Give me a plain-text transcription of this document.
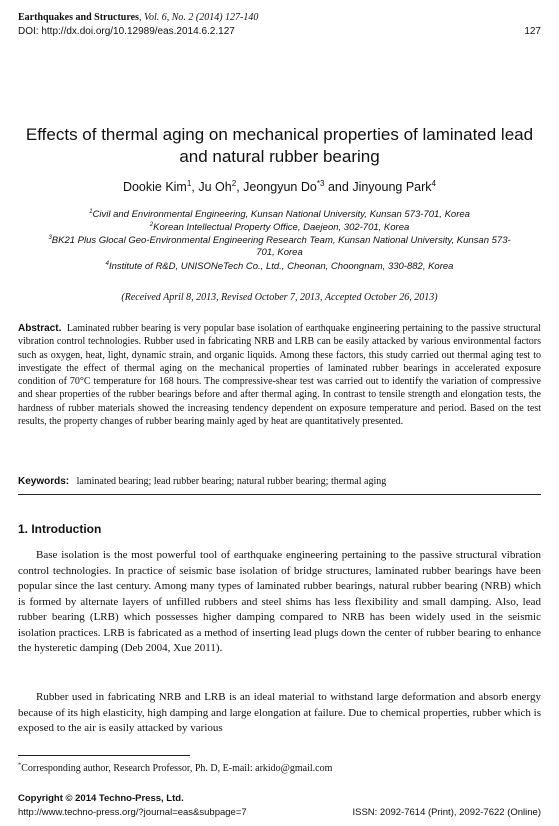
Earthquakes and Structures, Vol. 6, No. 2 (2014) 127-140
DOI: http://dx.doi.org/10.12989/eas.2014.6.2.127	127
Effects of thermal aging on mechanical properties of laminated lead and natural rubber bearing
Dookie Kim$^1$, Ju Oh$^2$, Jeongyun Do$^{*3}$ and Jinyoung Park$^4$
$^1$Civil and Environmental Engineering, Kunsan National University, Kunsan 573-701, Korea
$^2$Korean Intellectual Property Office, Daejeon, 302-701, Korea
$^3$BK21 Plus Glocal Geo-Environmental Engineering Research Team, Kunsan National University, Kunsan 573-701, Korea
$^4$Institute of R&D, UNISONeTech Co., Ltd., Cheonan, Choongnam, 330-882, Korea
(Received April 8, 2013, Revised October 7, 2013, Accepted October 26, 2013)
Abstract. Laminated rubber bearing is very popular base isolation of earthquake engineering pertaining to the passive structural vibration control technologies. Rubber used in fabricating NRB and LRB can be easily attacked by various environmental factors such as oxygen, heat, light, dynamic strain, and organic liquids. Among these factors, this study carried out thermal aging test to investigate the effect of thermal aging on the mechanical properties of laminated rubber bearings in accelerated exposure condition of 70°C temperature for 168 hours. The compressive-shear test was carried out to identify the variation of compressive and shear properties of the rubber bearings before and after thermal aging. In contrast to tensile strength and elongation tests, the hardness of rubber materials showed the increasing tendency dependent on exposure temperature and period. Based on the test results, the property changes of rubber bearing mainly aged by heat are quantitatively presented.
Keywords: laminated bearing; lead rubber bearing; natural rubber bearing; thermal aging
1. Introduction
Base isolation is the most powerful tool of earthquake engineering pertaining to the passive structural vibration control technologies. In practice of seismic base isolation of bridge structures, laminated rubber bearings have been popular since the last century. Among many types of laminated rubber bearings, natural rubber bearing (NRB) which is formed by alternate layers of unfilled rubbers and steel shims has less flexibility and small damping. Also, lead rubber bearing (LRB) which possesses higher damping compared to NRB has been widely used in the seismic isolation practices. LRB is fabricated as a method of inserting lead plugs down the center of rubber bearing to enhance the hysteretic damping (Deb 2004, Xue 2011).
Rubber used in fabricating NRB and LRB is an ideal material to withstand large deformation and absorb energy because of its high elasticity, high damping and large elongation at failure. Due to chemical properties, rubber which is exposed to the air is easily attacked by various
*Corresponding author, Research Professor, Ph. D, E-mail: arkido@gmail.com
Copyright © 2014 Techno-Press, Ltd.
http://www.techno-press.org/?journal=eas&subpage=7	ISSN: 2092-7614 (Print), 2092-7622 (Online)
